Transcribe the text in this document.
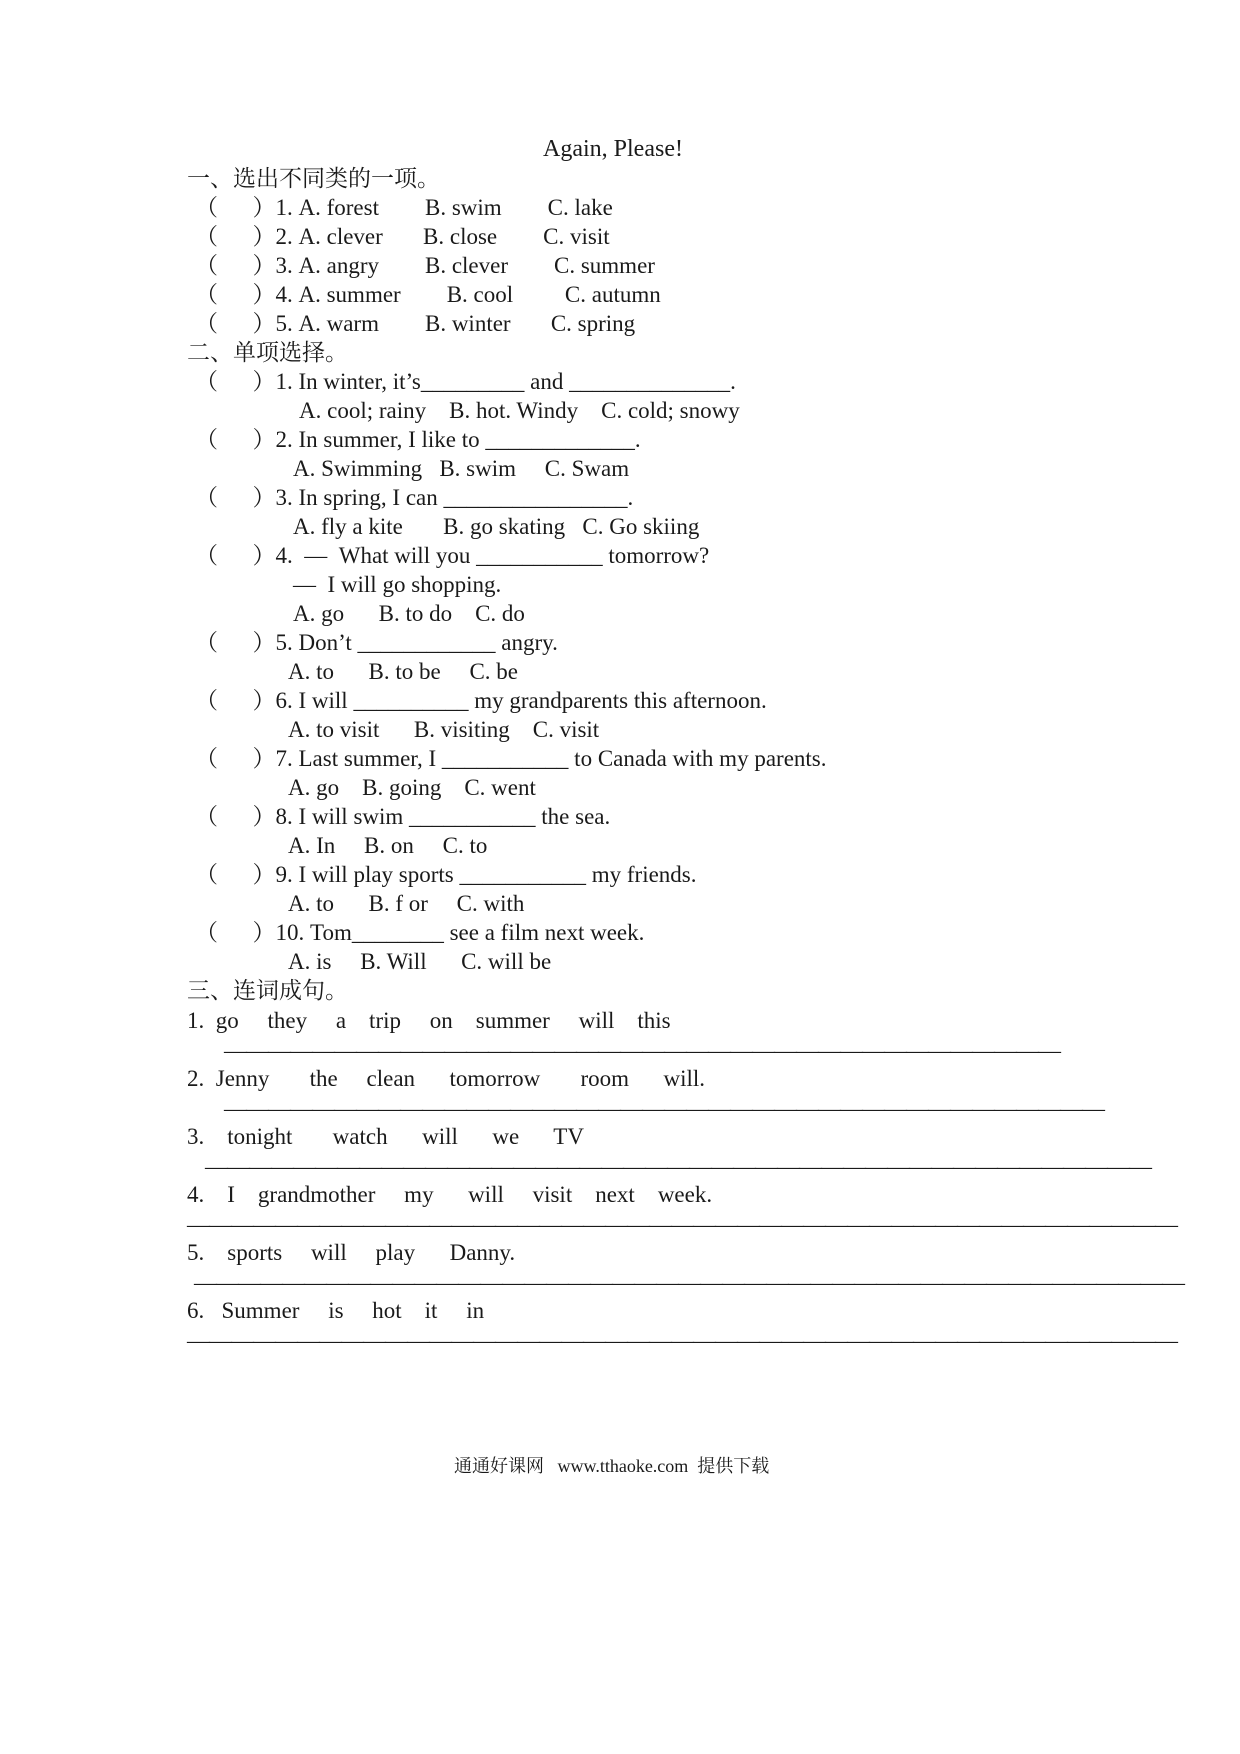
Again, Please!
一、选出不同类的一项。
（      ）1. A. forest        B. swim        C. lake
（      ）2. A. clever       B. close        C. visit
（      ）3. A. angry        B. clever        C. summer
（      ）4. A. summer        B. cool         C. autumn
（      ）5. A. warm        B. winter       C. spring
二、单项选择。
（      ）1. In winter, it’s_________ and ______________.
A. cool; rainy    B. hot. Windy    C. cold; snowy
（      ）2. In summer, I like to _____________.
A. Swimming   B. swim     C. Swam
（      ）3. In spring, I can ________________.
A. fly a kite       B. go skating   C. Go skiing
（      ）4.  —  What will you ___________ tomorrow?
—  I will go shopping.
A. go      B. to do    C. do
（      ）5. Don’t ____________ angry.
A. to      B. to be     C. be
（      ）6. I will __________ my grandparents this afternoon.
A. to visit      B. visiting    C. visit
（      ）7. Last summer, I ___________ to Canada with my parents.
A. go    B. going    C. went
（      ）8. I will swim ___________ the sea.
A. In     B. on     C. to
（      ）9. I will play sports ___________ my friends.
A. to      B. f or     C. with
（      ）10. Tom________ see a film next week.
A. is     B. Will      C. will be
三、连词成句。
1.  go     they     a    trip     on    summer     will    this
——————————————————————————————————————
2.  Jenny       the     clean      tomorrow       room      will.
————————————————————————————————————————
3.    tonight       watch      will      we      TV
———————————————————————————————————————————
4.    I    grandmother     my      will     visit    next    week.
—————————————————————————————————————————————
5.    sports     will     play      Danny.
—————————————————————————————————————————————
6.   Summer     is     hot    it     in
—————————————————————————————————————————————
通通好课网   www.tthaoke.com  提供下载
